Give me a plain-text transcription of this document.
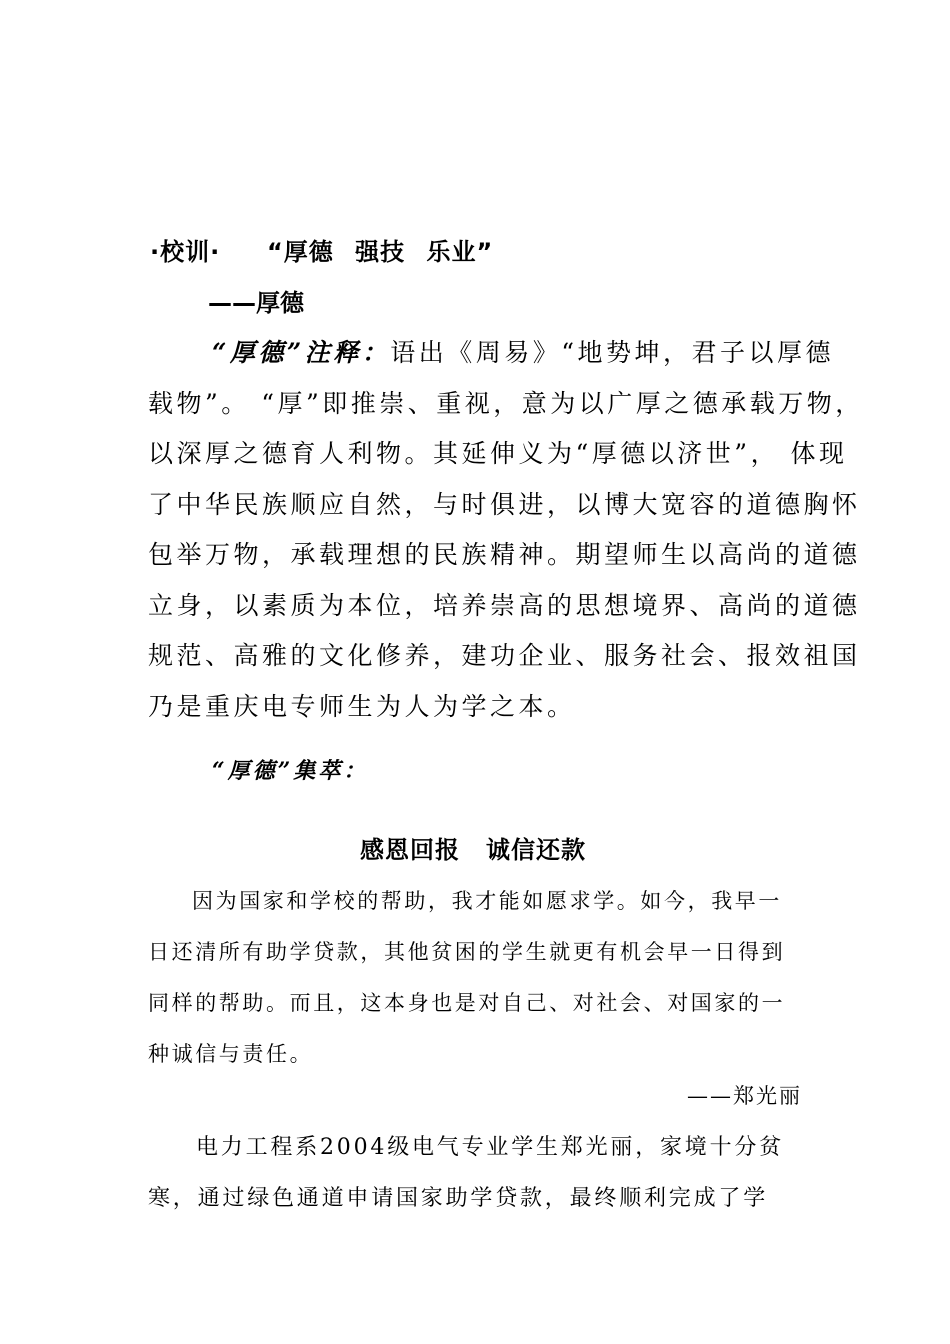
·校训· “厚德 强技 乐业”
——厚德
“厚德”注释：语出《周易》“地势坤，君子以厚德
载物”。 “厚”即推崇、重视，意为以广厚之德承载万物，
以深厚之德育人利物。其延伸义为“厚德以济世”， 体现
了中华民族顺应自然，与时俱进，以博大宽容的道德胸怀
包举万物，承载理想的民族精神。期望师生以高尚的道德
立身，以素质为本位，培养崇高的思想境界、高尚的道德
规范、高雅的文化修养，建功企业、服务社会、报效祖国
乃是重庆电专师生为人为学之本。
“厚德”集萃：
感恩回报 诚信还款
因为国家和学校的帮助，我才能如愿求学。如今，我早一
日还清所有助学贷款，其他贫困的学生就更有机会早一日得到
同样的帮助。而且，这本身也是对自己、对社会、对国家的一
种诚信与责任。
——郑光丽
电力工程系2004级电气专业学生郑光丽，家境十分贫
寒，通过绿色通道申请国家助学贷款，最终顺利完成了学
